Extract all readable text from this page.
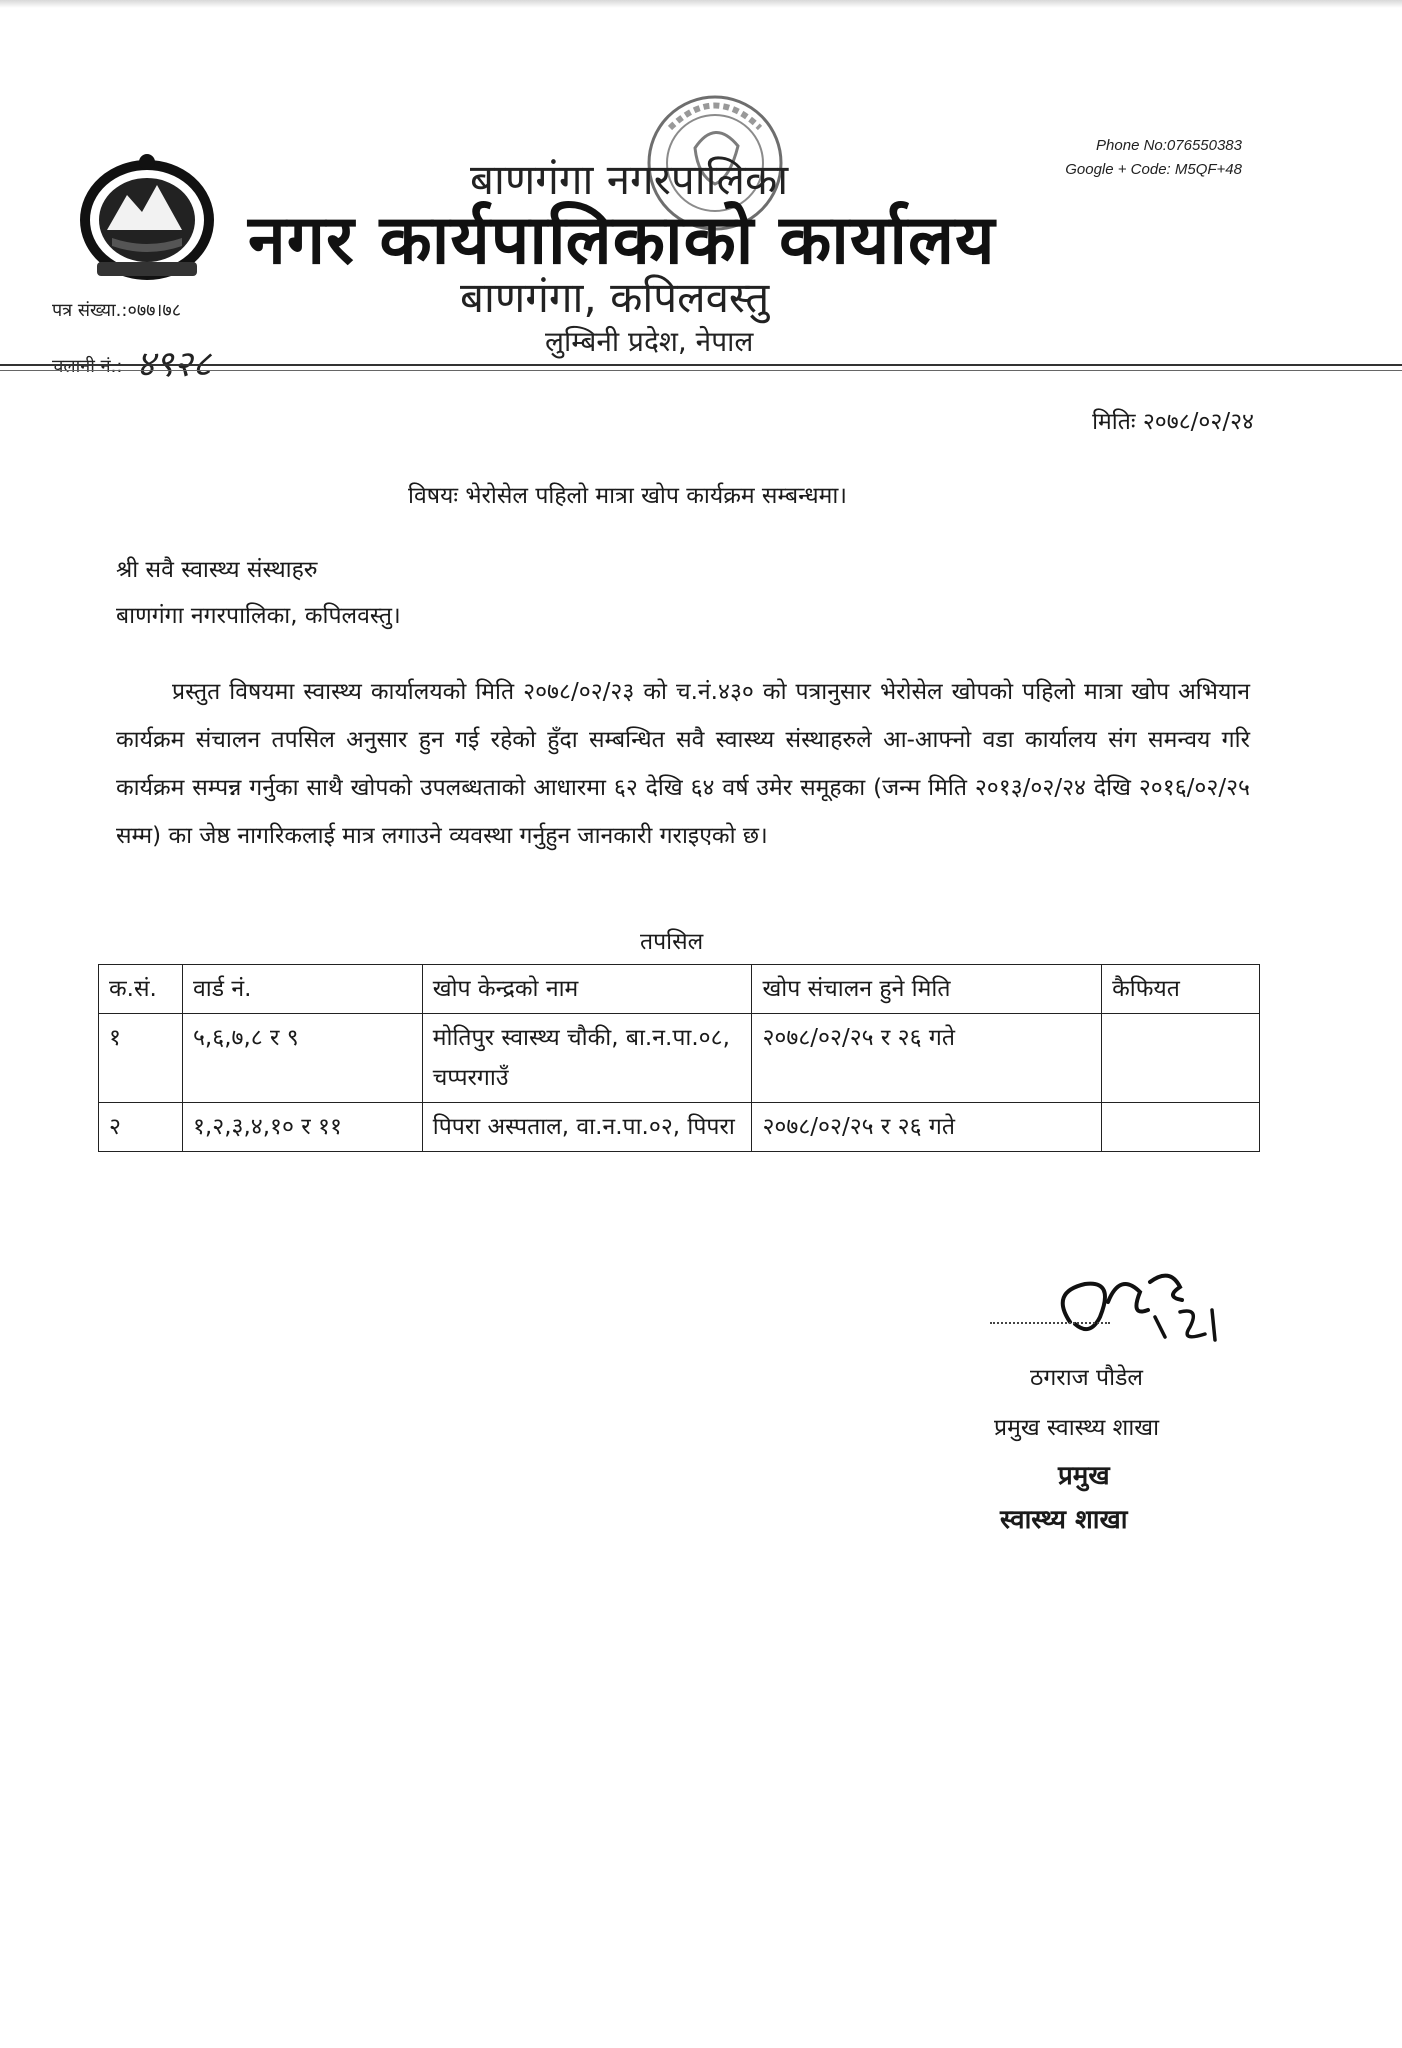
बाणगंगा नगरपालिका
नगर कार्यपालिकाको कार्यालय
बाणगंगा, कपिलवस्तु
लुम्बिनी प्रदेश, नेपाल
Phone No:076550383
Google + Code: M5QF+48
पत्र संख्या.:०७७।७८
चलानी नं.: ४९२८
मितिः २०७८/०२/२४
विषयः भेरोसेल पहिलो मात्रा खोप कार्यक्रम सम्बन्धमा।
श्री सवै स्वास्थ्य संस्थाहरु
बाणगंगा नगरपालिका, कपिलवस्तु।
प्रस्तुत विषयमा स्वास्थ्य कार्यालयको मिति २०७८/०२/२३ को च.नं.४३० को पत्रानुसार भेरोसेल खोपको पहिलो मात्रा खोप अभियान कार्यक्रम संचालन तपसिल अनुसार हुन गई रहेको हुँदा सम्बन्धित सवै स्वास्थ्य संस्थाहरुले आ-आफ्नो वडा कार्यालय संग समन्वय गरि कार्यक्रम सम्पन्न गर्नुका साथै खोपको उपलब्धताको आधारमा ६२ देखि ६४ वर्ष उमेर समूहका (जन्म मिति २०१३/०२/२४ देखि २०१६/०२/२५ सम्म) का जेष्ठ नागरिकलाई मात्र लगाउने व्यवस्था गर्नुहुन जानकारी गराइएको छ।
तपसिल
क.सं.	वार्ड नं.	खोप केन्द्रको नाम	खोप संचालन हुने मिति	कैफियत
१	५,६,७,८ र ९	मोतिपुर स्वास्थ्य चौकी, बा.न.पा.०८, चप्परगाउँ	२०७८/०२/२५ र २६ गते	
२	१,२,३,४,१० र ११	पिपरा अस्पताल, वा.न.पा.०२, पिपरा	२०७८/०२/२५ र २६ गते	
ठगराज पौडेल
प्रमुख स्वास्थ्य शाखा
प्रमुख
स्वास्थ्य शाखा
